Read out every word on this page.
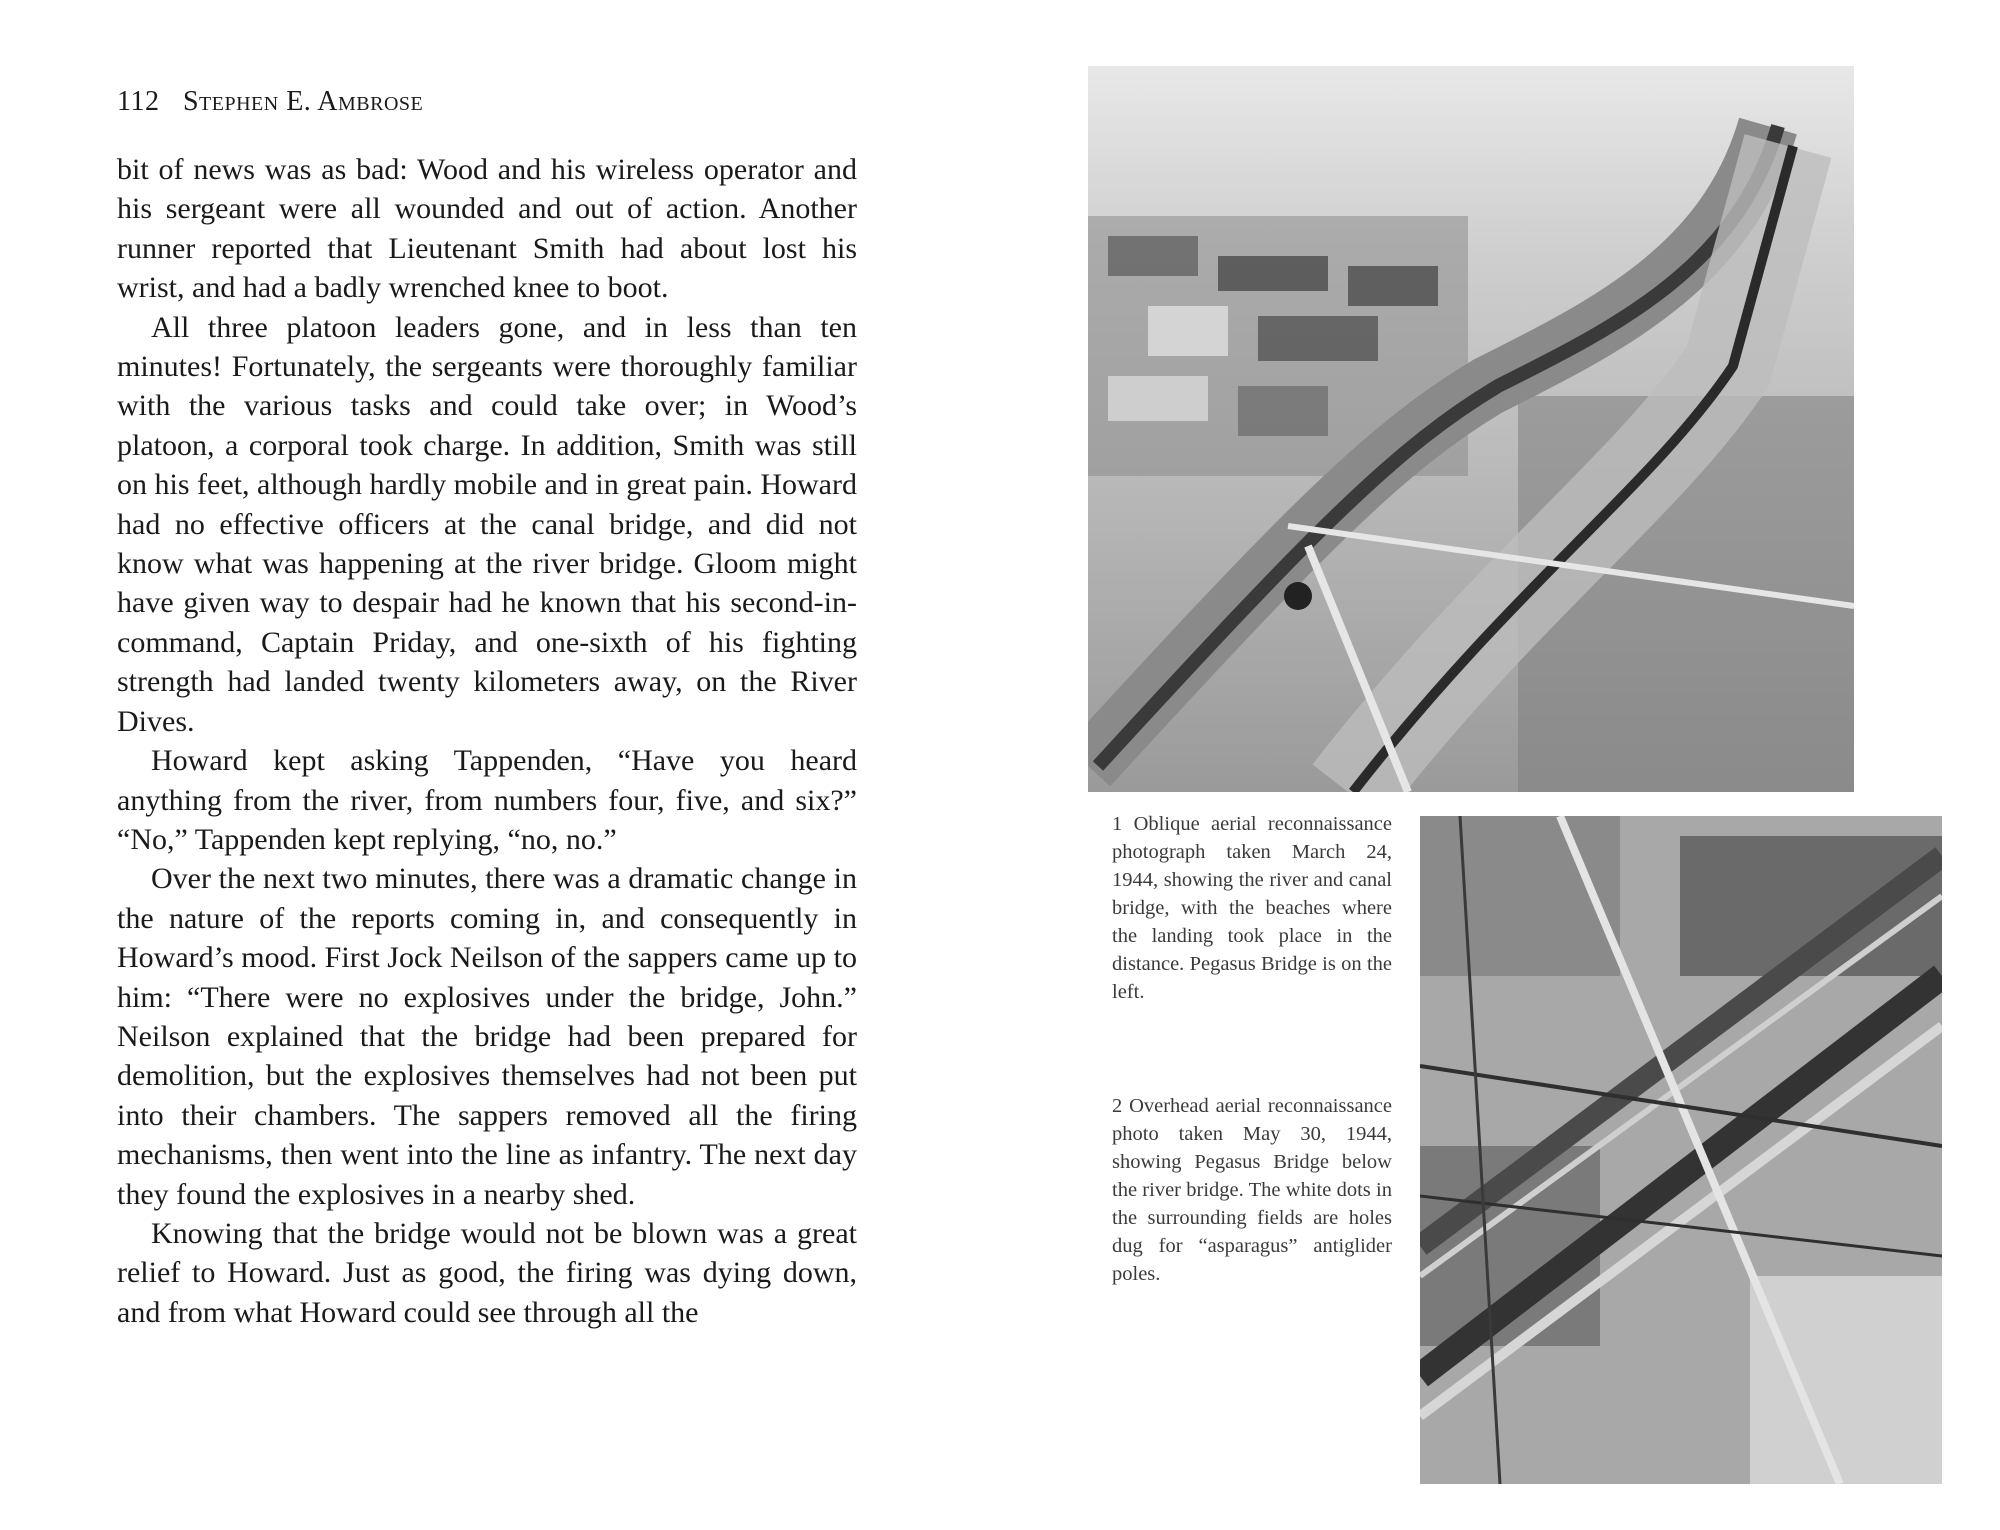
112 Stephen E. Ambrose

bit of news was as bad: Wood and his wireless operator and his sergeant were all wounded and out of action. Another runner reported that Lieutenant Smith had about lost his wrist, and had a badly wrenched knee to boot.

All three platoon leaders gone, and in less than ten minutes! Fortunately, the sergeants were thoroughly familiar with the various tasks and could take over; in Wood’s platoon, a corporal took charge. In addition, Smith was still on his feet, although hardly mobile and in great pain. Howard had no effective officers at the canal bridge, and did not know what was happening at the river bridge. Gloom might have given way to despair had he known that his second-in-command, Captain Priday, and one-sixth of his fighting strength had landed twenty kilometers away, on the River Dives.

Howard kept asking Tappenden, “Have you heard anything from the river, from numbers four, five, and six?” “No,” Tappenden kept replying, “no, no.”

Over the next two minutes, there was a dramatic change in the nature of the reports coming in, and consequently in Howard’s mood. First Jock Neilson of the sappers came up to him: “There were no explosives under the bridge, John.” Neilson explained that the bridge had been prepared for demolition, but the explosives themselves had not been put into their chambers. The sappers removed all the firing mechanisms, then went into the line as infantry. The next day they found the explosives in a nearby shed.

Knowing that the bridge would not be blown was a great relief to Howard. Just as good, the firing was dying down, and from what Howard could see through all the

1 Oblique aerial reconnaissance photograph taken March 24, 1944, showing the river and canal bridge, with the beaches where the landing took place in the distance. Pegasus Bridge is on the left.
2 Overhead aerial reconnaissance photo taken May 30, 1944, showing Pegasus Bridge below the river bridge. The white dots in the surrounding fields are holes dug for “asparagus” antiglider poles.
